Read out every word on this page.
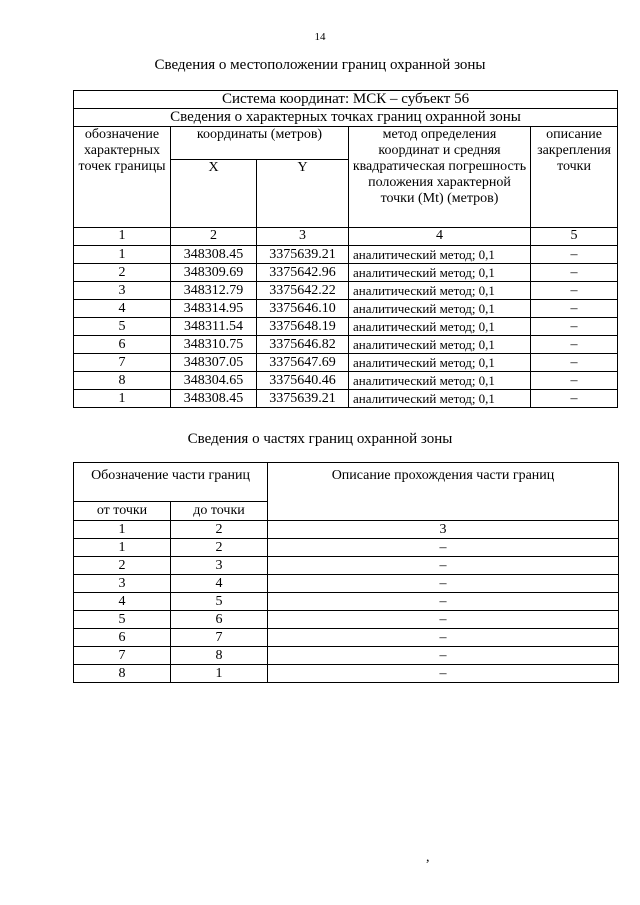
14
Сведения о местоположении границ охранной зоны
Система координат: МСК – субъект 56				
Сведения о характерных точках границ охранной зоны				
обозначение характерных точек границы	координаты (метров)		метод определения координат и средняя квадратическая погрешность положения характерной точки (Mt) (метров)	описание закрепления точки
	X	Y		
1	2	3	4	5
1	348308.45	3375639.21	аналитический метод; 0,1	–
2	348309.69	3375642.96	аналитический метод; 0,1	–
3	348312.79	3375642.22	аналитический метод; 0,1	–
4	348314.95	3375646.10	аналитический метод; 0,1	–
5	348311.54	3375648.19	аналитический метод; 0,1	–
6	348310.75	3375646.82	аналитический метод; 0,1	–
7	348307.05	3375647.69	аналитический метод; 0,1	–
8	348304.65	3375640.46	аналитический метод; 0,1	–
1	348308.45	3375639.21	аналитический метод; 0,1	–
Сведения о частях границ охранной зоны
Обозначение части границ		Описание прохождения части границ
от точки	до точки	
1	2	3
1	2	–
2	3	–
3	4	–
4	5	–
5	6	–
6	7	–
7	8	–
8	1	–
,
